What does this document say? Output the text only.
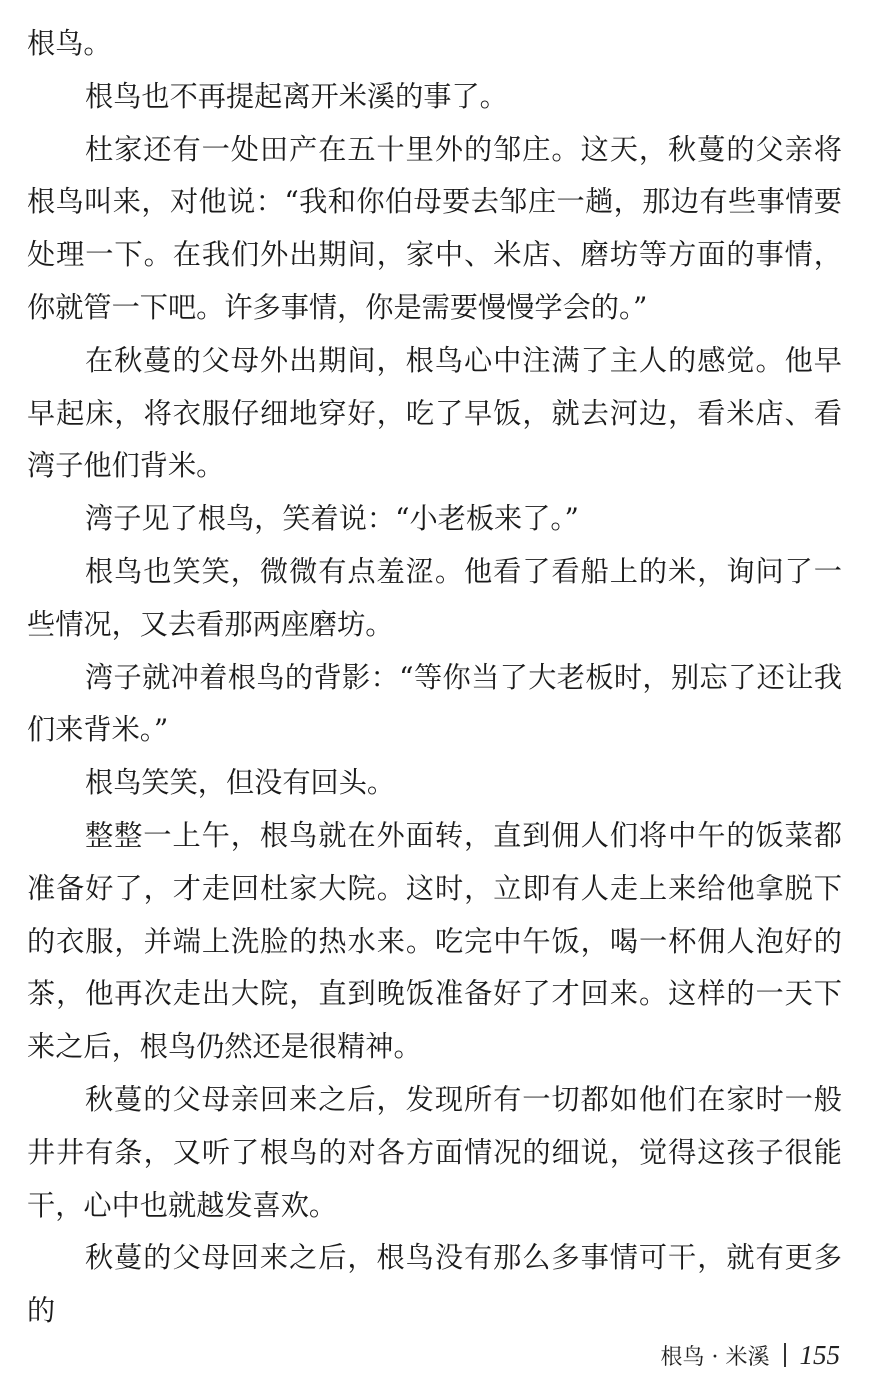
根鸟。

根鸟也不再提起离开米溪的事了。

杜家还有一处田产在五十里外的邹庄。这天，秋蔓的父亲将根鸟叫来，对他说：“我和你伯母要去邹庄一趟，那边有些事情要处理一下。在我们外出期间，家中、米店、磨坊等方面的事情，你就管一下吧。许多事情，你是需要慢慢学会的。”

在秋蔓的父母外出期间，根鸟心中注满了主人的感觉。他早早起床，将衣服仔细地穿好，吃了早饭，就去河边，看米店、看湾子他们背米。

湾子见了根鸟，笑着说：“小老板来了。”

根鸟也笑笑，微微有点羞涩。他看了看船上的米，询问了一些情况，又去看那两座磨坊。

湾子就冲着根鸟的背影：“等你当了大老板时，别忘了还让我们来背米。”

根鸟笑笑，但没有回头。

整整一上午，根鸟就在外面转，直到佣人们将中午的饭菜都准备好了，才走回杜家大院。这时，立即有人走上来给他拿脱下的衣服，并端上洗脸的热水来。吃完中午饭，喝一杯佣人泡好的茶，他再次走出大院，直到晚饭准备好了才回来。这样的一天下来之后，根鸟仍然还是很精神。

秋蔓的父母亲回来之后，发现所有一切都如他们在家时一般井井有条，又听了根鸟的对各方面情况的细说，觉得这孩子很能干，心中也就越发喜欢。

秋蔓的父母回来之后，根鸟没有那么多事情可干，就有更多的

根鸟 · 米溪 155
